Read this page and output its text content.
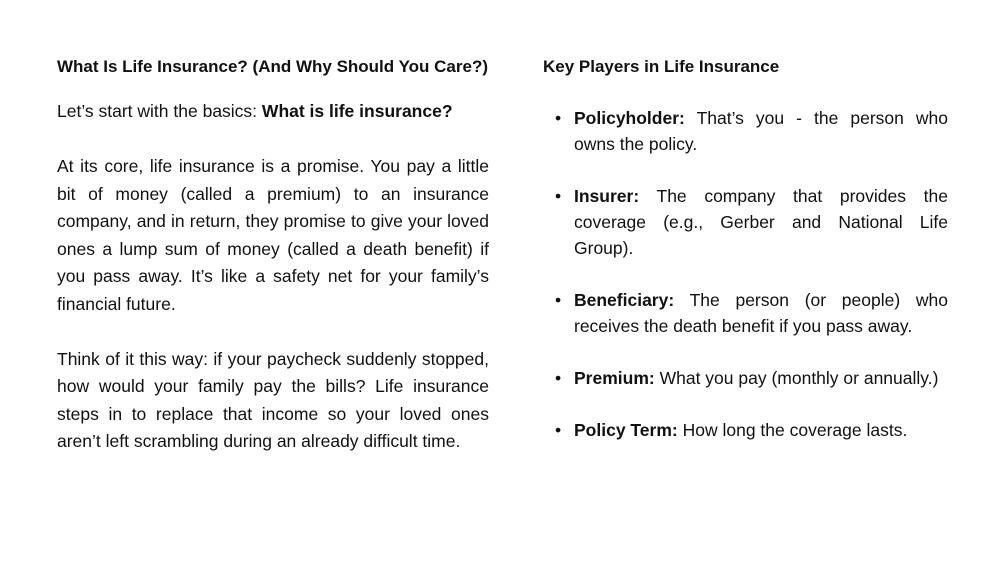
What Is Life Insurance? (And Why Should You Care?)

Let’s start with the basics: What is life insurance?

At its core, life insurance is a promise. You pay a little bit of money (called a premium) to an insurance company, and in return, they promise to give your loved ones a lump sum of money (called a death benefit) if you pass away. It’s like a safety net for your family’s financial future.

Think of it this way: if your paycheck suddenly stopped, how would your family pay the bills? Life insurance steps in to replace that income so your loved ones aren’t left scrambling during an already difficult time.

Key Players in Life Insurance
• Policyholder: That’s you - the person who owns the policy.
• Insurer: The company that provides the coverage (e.g., Gerber and National Life Group).
• Beneficiary: The person (or people) who receives the death benefit if you pass away.
• Premium: What you pay (monthly or annually.)
• Policy Term: How long the coverage lasts.
